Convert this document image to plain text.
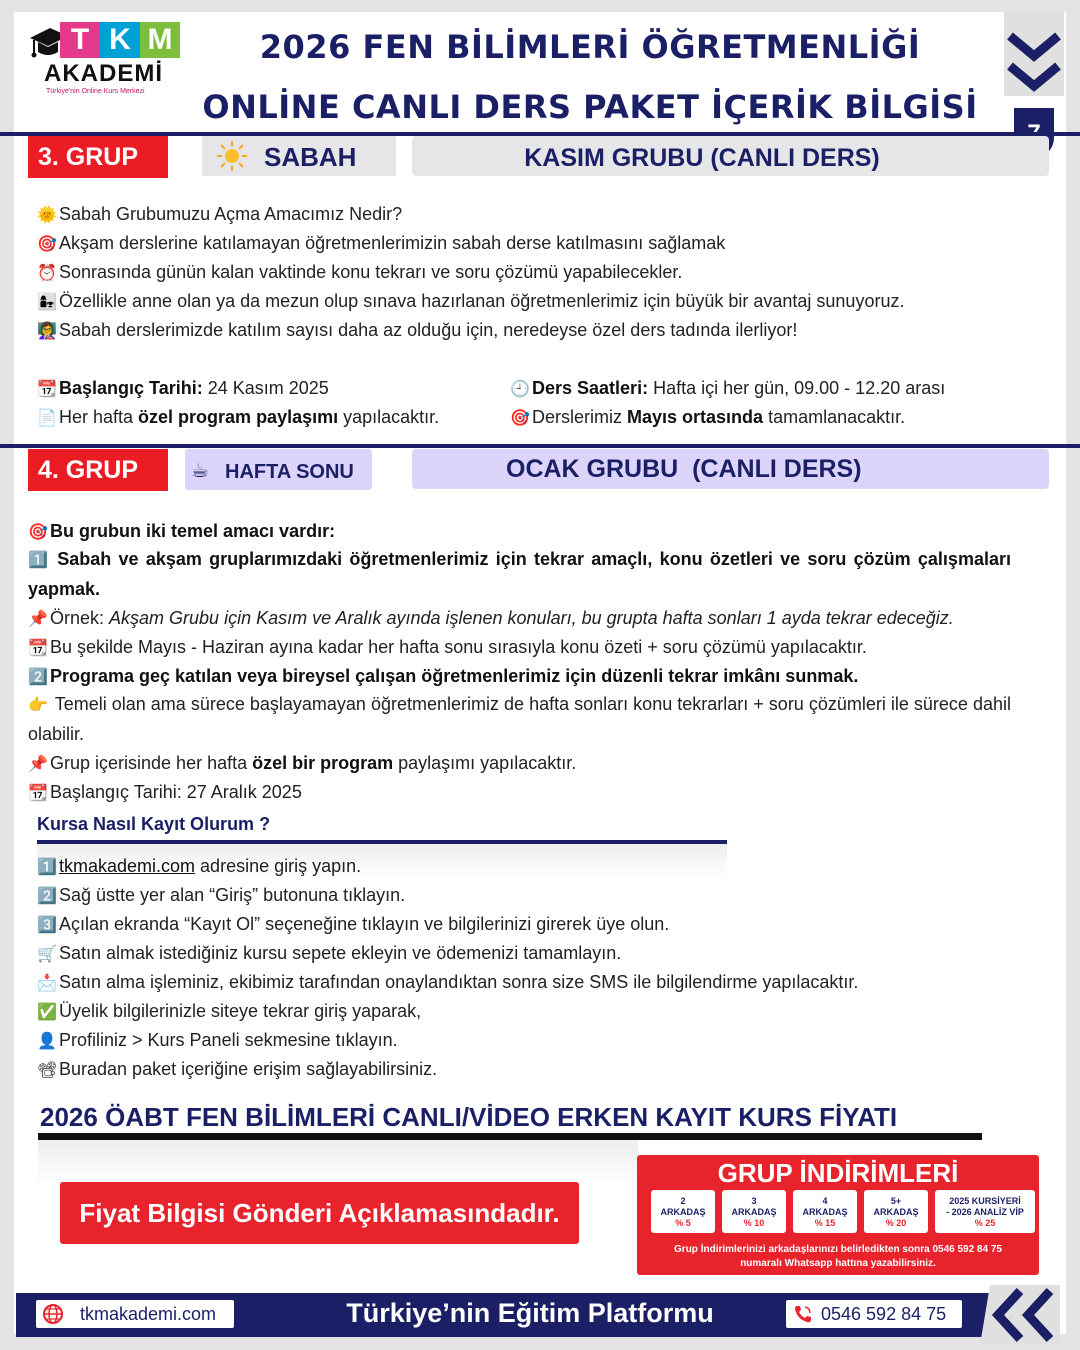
T K M
AKADEMİ
Türkiye'nin Online Kurs Merkezi
2026 FEN BİLİMLERİ ÖĞRETMENLİĞİ
ONLİNE CANLI DERS PAKET İÇERİK BİLGİSİ
3. GRUP	SABAH	KASIM GRUBU (CANLI DERS)
🌞 Sabah Grubumuzu Açma Amacımız Nedir?
🎯 Akşam derslerine katılamayan öğretmenlerimizin sabah derse katılmasını sağlamak
⏰ Sonrasında günün kalan vaktinde konu tekrarı ve soru çözümü yapabilecekler.
👩‍👧 Özellikle anne olan ya da mezun olup sınava hazırlanan öğretmenlerimiz için büyük bir avantaj sunuyoruz.
👩‍🏫 Sabah derslerimizde katılım sayısı daha az olduğu için, neredeyse özel ders tadında ilerliyor!
📆 Başlangıç Tarihi: 24 Kasım 2025	🕘 Ders Saatleri: Hafta içi her gün, 09.00 - 12.20 arası
📄 Her hafta özel program paylaşımı yapılacaktır.	🎯 Derslerimiz Mayıs ortasında tamamlanacaktır.
4. GRUP	☕ HAFTA SONU	OCAK GRUBU  (CANLI DERS)
🎯 Bu grubun iki temel amacı vardır:
1️⃣ Sabah ve akşam gruplarımızdaki öğretmenlerimiz için tekrar amaçlı, konu özetleri ve soru çözüm çalışmaları yapmak.
📌 Örnek: Akşam Grubu için Kasım ve Aralık ayında işlenen konuları, bu grupta hafta sonları 1 ayda tekrar edeceğiz.
📆 Bu şekilde Mayıs - Haziran ayına kadar her hafta sonu sırasıyla konu özeti + soru çözümü yapılacaktır.
2️⃣ Programa geç katılan veya bireysel çalışan öğretmenlerimiz için düzenli tekrar imkânı sunmak.
👉 Temeli olan ama sürece başlayamayan öğretmenlerimiz de hafta sonları konu tekrarları + soru çözümleri ile sürece dahil olabilir.
📌 Grup içerisinde her hafta özel bir program paylaşımı yapılacaktır.
📆 Başlangıç Tarihi: 27 Aralık 2025
Kursa Nasıl Kayıt Olurum ?
1️⃣ tkmakademi.com adresine giriş yapın.
2️⃣ Sağ üstte yer alan “Giriş” butonuna tıklayın.
3️⃣ Açılan ekranda “Kayıt Ol” seçeneğine tıklayın ve bilgilerinizi girerek üye olun.
🛒 Satın almak istediğiniz kursu sepete ekleyin ve ödemenizi tamamlayın.
📩 Satın alma işleminiz, ekibimiz tarafından onaylandıktan sonra size SMS ile bilgilendirme yapılacaktır.
✅ Üyelik bilgilerinizle siteye tekrar giriş yaparak,
👤 Profiliniz > Kurs Paneli sekmesine tıklayın.
📽Buradan paket içeriğine erişim sağlayabilirsiniz.
2026 ÖABT FEN BİLİMLERİ CANLI/VİDEO ERKEN KAYIT KURS FİYATI
Fiyat Bilgisi Gönderi Açıklamasındadır.
GRUP İNDİRİMLERİ
2
ARKADAŞ
% 5
3
ARKADAŞ
% 10
4
ARKADAŞ
% 15
5+
ARKADAŞ
% 20
2025 KURSİYERİ
- 2026 ANALİZ VİP
% 25
Grup İndirimlerinizi arkadaşlarınızı belirledikten sonra 0546 592 84 75 numaralı Whatsapp hattına yazabilirsiniz.
tkmakademi.com	Türkiye’nin Eğitim Platformu	0546 592 84 75
